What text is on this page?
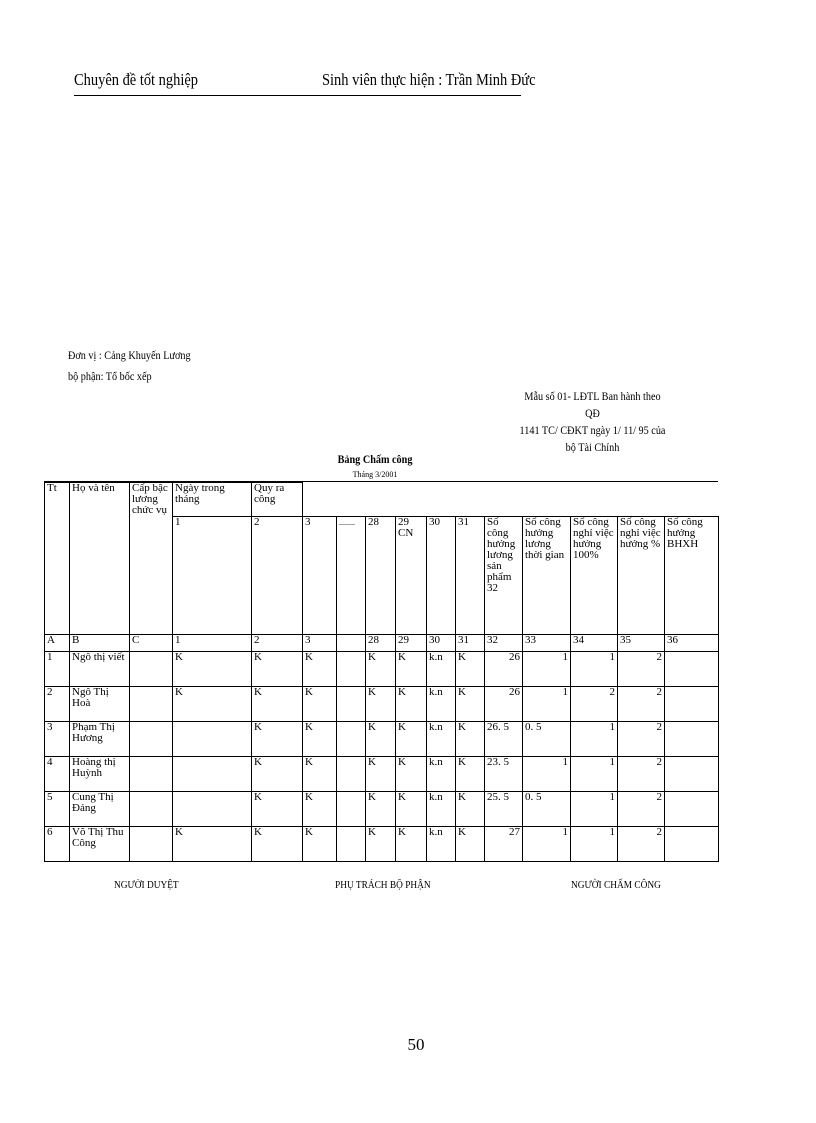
Chuyên đề tốt nghiệp	Sinh viên thực hiện : Trần Minh Đức
Đơn vị : Cảng Khuyến Lương
bộ phận: Tổ bốc xếp
Mẫu số 01- LĐTL Ban hành theo QĐ
1141 TC/ CĐKT ngày 1/ 11/ 95 của
bộ Tài Chính
Bảng Chấm công
Tháng 3/2001
Tt	Họ và tên	Cấp bậc lương chức vụ	Ngày trong tháng	Quy ra công											
			1	2	3	........	28	29 CN	30	31	Số công hưởng lương sản phẩm 32	Số công hưởng lương thời gian	Số công nghỉ việc hưởng 100%	Số công nghỉ việc hưởng %	Số công hưởng BHXH
A	B	C	1	2	3		28	29	30	31	32	33	34	35	36
1	Ngô thị viết		K	K	K		K	K	k.n	K	26	1	1	2	
2	Ngô Thị Hoà		K	K	K		K	K	k.n	K	26	1	2	2	
3	Phạm Thị Hương			K	K		K	K	k.n	K	26. 5	0. 5	1	2	
4	Hoàng thị Huỳnh			K	K		K	K	k.n	K	23. 5	1	1	2	
5	Cung Thị Đảng			K	K		K	K	k.n	K	25. 5	0. 5	1	2	
6	Võ Thị Thu Công		K	K	K		K	K	k.n	K	27	1	1	2	
NGƯỜI DUYỆT	PHỤ TRÁCH BỘ PHẬN	NGƯỜI CHẤM CÔNG
50
